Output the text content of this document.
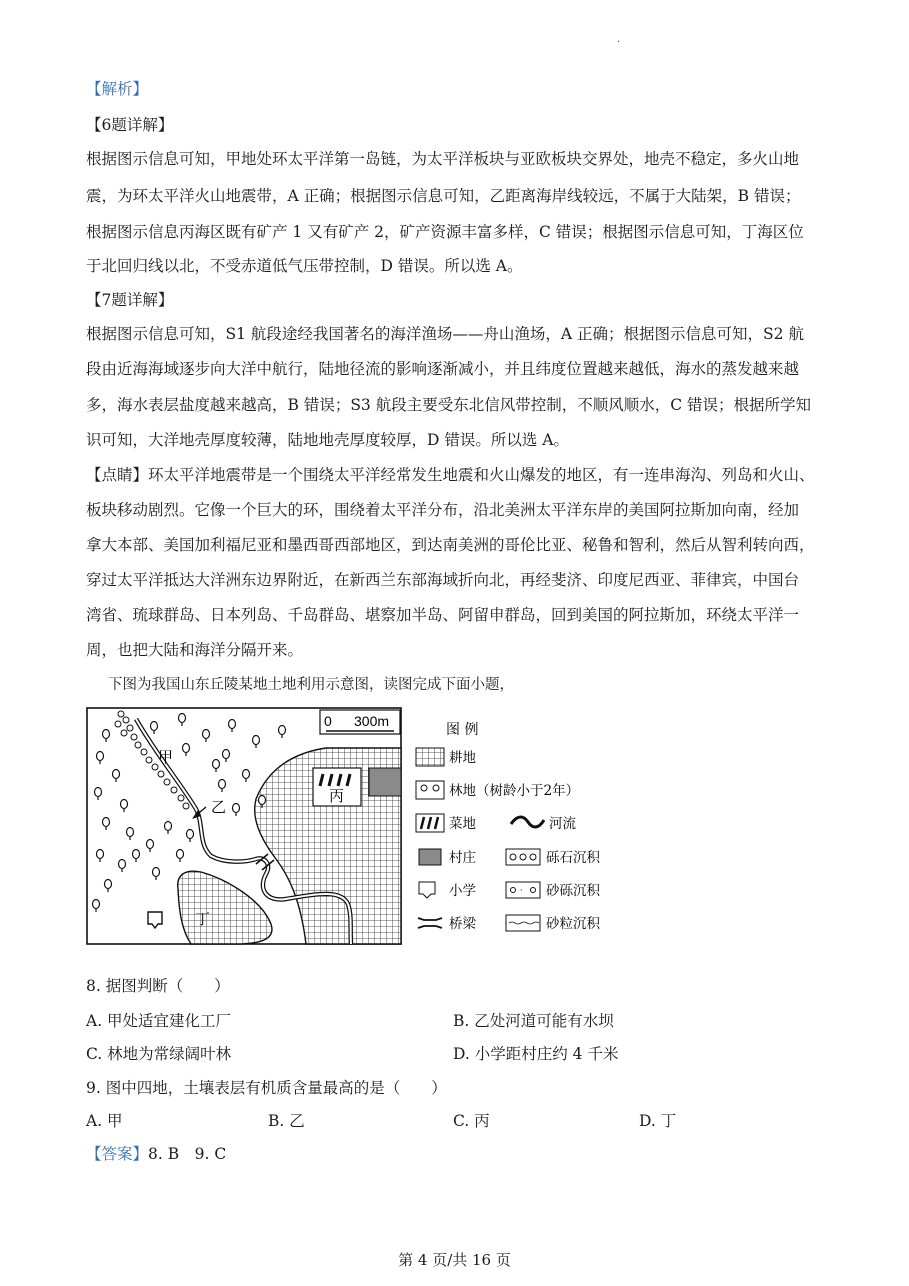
.
【解析】
【6题详解】
根据图示信息可知，甲地处环太平洋第一岛链，为太平洋板块与亚欧板块交界处，地壳不稳定，多火山地
震，为环太平洋火山地震带，A 正确；根据图示信息可知，乙距离海岸线较远，不属于大陆架，B 错误；
根据图示信息丙海区既有矿产 1 又有矿产 2，矿产资源丰富多样，C 错误；根据图示信息可知，丁海区位
于北回归线以北，不受赤道低气压带控制，D 错误。所以选 A。
【7题详解】
根据图示信息可知，S1 航段途经我国著名的海洋渔场——舟山渔场，A 正确；根据图示信息可知，S2 航
段由近海海域逐步向大洋中航行，陆地径流的影响逐渐减小，并且纬度位置越来越低，海水的蒸发越来越
多，海水表层盐度越来越高，B 错误；S3 航段主要受东北信风带控制，不顺风顺水，C 错误；根据所学知
识可知，大洋地壳厚度较薄，陆地地壳厚度较厚，D 错误。所以选 A。
【点睛】环太平洋地震带是一个围绕太平洋经常发生地震和火山爆发的地区，有一连串海沟、列岛和火山、
板块移动剧烈。它像一个巨大的环，围绕着太平洋分布，沿北美洲太平洋东岸的美国阿拉斯加向南，经加
拿大本部、美国加利福尼亚和墨西哥西部地区，到达南美洲的哥伦比亚、秘鲁和智利，然后从智利转向西，
穿过太平洋抵达大洋洲东边界附近，在新西兰东部海域折向北，再经斐济、印度尼西亚、菲律宾，中国台
湾省、琉球群岛、日本列岛、千岛群岛、堪察加半岛、阿留申群岛，回到美国的阿拉斯加，环绕太平洋一
周，也把大陆和海洋分隔开来。
下图为我国山东丘陵某地土地利用示意图，读图完成下面小题，
0 300m
甲
乙
丙
丁
图 例
耕地
林地（树龄小于2年）
菜地	河流
村庄	砾石沉积
小学	· 砂砾沉积
桥梁	砂粒沉积
8. 据图判断（　　）
A. 甲处适宜建化工厂	B. 乙处河道可能有水坝
C. 林地为常绿阔叶林	D. 小学距村庄约 4 千米
9. 图中四地，土壤表层有机质含量最高的是（　　）
A. 甲	B. 乙	C. 丙	D. 丁
【答案】8. B　9. C
第 4 页/共 16 页
